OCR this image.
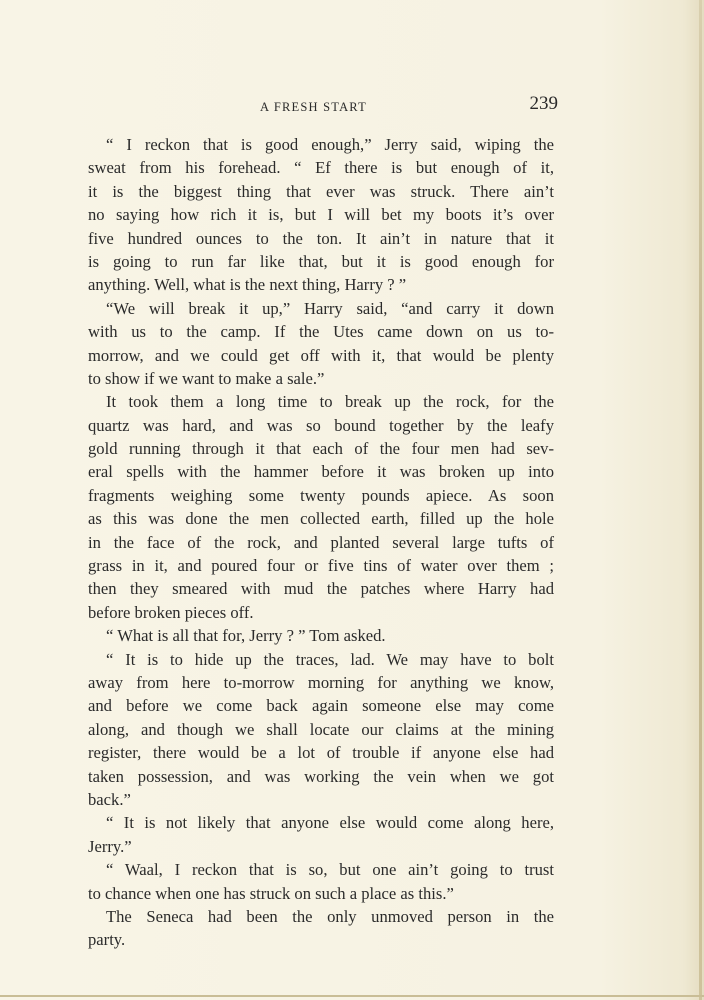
A FRESH START	239
“ I reckon that is good enough,” Jerry said, wiping the
sweat from his forehead. “ Ef there is but enough of it,
it is the biggest thing that ever was struck. There ain’t
no saying how rich it is, but I will bet my boots it’s over
five hundred ounces to the ton. It ain’t in nature that it
is going to run far like that, but it is good enough for
anything. Well, what is the next thing, Harry ? ”
“We will break it up,” Harry said, “and carry it down
with us to the camp. If the Utes came down on us to-
morrow, and we could get off with it, that would be plenty
to show if we want to make a sale.”
It took them a long time to break up the rock, for the
quartz was hard, and was so bound together by the leafy
gold running through it that each of the four men had sev-
eral spells with the hammer before it was broken up into
fragments weighing some twenty pounds apiece. As soon
as this was done the men collected earth, filled up the hole
in the face of the rock, and planted several large tufts of
grass in it, and poured four or five tins of water over them ;
then they smeared with mud the patches where Harry had
before broken pieces off.
“ What is all that for, Jerry ? ” Tom asked.
“ It is to hide up the traces, lad. We may have to bolt
away from here to-morrow morning for anything we know,
and before we come back again someone else may come
along, and though we shall locate our claims at the mining
register, there would be a lot of trouble if anyone else had
taken possession, and was working the vein when we got
back.”
“ It is not likely that anyone else would come along here,
Jerry.”
“ Waal, I reckon that is so, but one ain’t going to trust
to chance when one has struck on such a place as this.”
The Seneca had been the only unmoved person in the
party.
